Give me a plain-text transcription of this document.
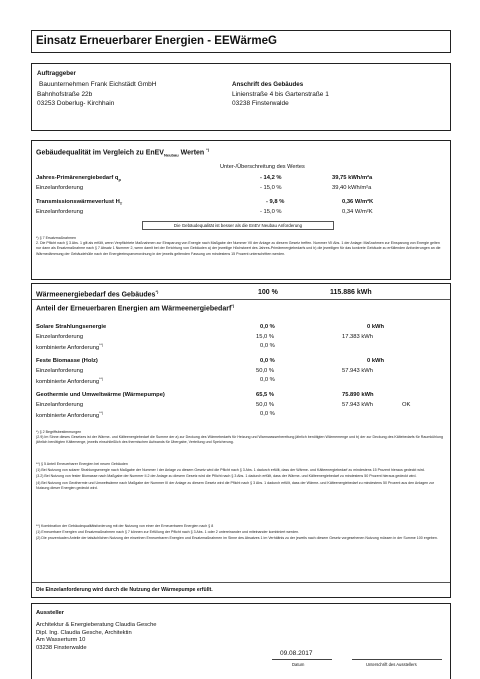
Einsatz Erneuerbarer Energien - EEWärmeG
Auftraggeber
Bauunternehmen Frank Eichstädt GmbH
Bahnhofstraße 22b
03253 Doberlug- Kirchhain
Anschrift des Gebäudes
Linienstraße 4 bis Gartenstraße 1
03238 Finsterwalde
Gebäudequalität im Vergleich zu EnEV$_{Neubau}$ Werten *)
Unter-/Überschreitung des Wertes
Jahres-Primärenergiebedarf $q_p$	- 14,2 %	39,75 kWh/m²a
Einzelanforderung	- 15,0 %	39,40 kWh/m²a
Transmissionswärmeverlust $H_T$	- 9,8 %	0,36 W/m²K
Einzelanforderung	- 15,0 %	0,34 W/m²K
Die Gebäudequalität ist besser als die EnEV Neubau Anforderung
*) § 7 Ersatzmaßnahmen
2. Die Pflicht nach § 3 Abs. 1 gilt als erfüllt, wenn Verpflichtete Maßnahmen zur Einsparung von Energie nach Maßgabe der Nummer VII der Anlage zu diesem Gesetz treffen. Nummer VII Abs. 1 der Anlage: Maßnahmen zur Einsparung von Energie gelten nur dann als Ersatzmaßnahme nach § 7 Absatz 1 Nummer 2, wenn damit bei der Errichtung von Gebäuden a) der jeweilige Höchstwert des Jahres-Primärenergiebedarfs und b) die jeweiligen für das konkrete Gebäude zu erfüllenden Anforderungen an die Wärmedämmung der Gebäudehülle nach der Energieeinsparverordnung in der jeweils geltenden Fassung um mindestens 15 Prozent unterschritten werden.
Wärmeenergiebedarf des Gebäudes*)	100 %	115.886 kWh
Anteil der Erneuerbaren Energien am Wärmeenergiebedarf*)
Solare Strahlungsenergie	0,0 %	0 kWh
Einzelanforderung	15,0 %	17.383 kWh
kombinierte Anforderung**)	0,0 %
Feste Biomasse (Holz)	0,0 %	0 kWh
Einzelanforderung	50,0 %	57.943 kWh
kombinierte Anforderung**)	0,0 %
Geothermie und Umweltwärme (Wärmepumpe)	65,5 %	75.890 kWh
Einzelanforderung	50,0 %	57.943 kWh	OK
kombinierte Anforderung**)	0,0 %
*) § 2 Begriffsbestimmungen
(2.9) Im Sinne dieses Gesetzes ist der Wärme- und Kälteenergiebedarf die Summe der a) zur Deckung des Wärmebedarfs für Heizung und Warmwasserbereitung jährlich benötigten Wärmemenge und b) der zur Deckung des Kältebedarfs für Raumkühlung jährlich benötigten Kältemenge, jeweils einschließlich des thermischen Aufwands für Übergabe, Verteilung und Speicherung.
**) § 5 Anteil Erneuerbarer Energien bei neuen Gebäuden
(1) Bei Nutzung von solarer Strahlungsenergie nach Maßgabe der Nummer I der Anlage zu diesem Gesetz wird die Pflicht nach § 3 Abs. 1 dadurch erfüllt, dass der Wärme- und Kälteenergiebedarf zu mindestens 15 Prozent hieraus gedeckt wird.
(3.2) Bei Nutzung von fester Biomasse nach Maßgabe der Nummer II.2 der Anlage zu diesem Gesetz wird die Pflicht nach § 3 Abs. 1 dadurch erfüllt, dass der Wärme- und Kälteenergiebedarf zu mindestens 50 Prozent hieraus gedeckt wird.
(4) Bei Nutzung von Geothermie und Umweltwärme nach Maßgabe der Nummer III der Anlage zu diesem Gesetz wird die Pflicht nach § 3 Abs. 1 dadurch erfüllt, dass der Wärme- und Kälteenergiebedarf zu mindestens 50 Prozent aus den Anlagen zur Nutzung dieser Energien gedeckt wird.
**) Kombination der Gebäudequalitätsforderung mit der Nutzung von einer der Erneuerbaren Energien nach § 8
(1) Erneuerbare Energien und Ersatzmaßnahmen nach § 7 können zur Erfüllung der Pflicht nach § 3 Abs. 1 oder 2 untereinander und miteinander kombiniert werden.
(2) Die prozentualen Anteile der tatsächlichen Nutzung der einzelnen Erneuerbaren Energien und Ersatzmaßnahmen im Sinne des Absatzes 1 im Verhältnis zu der jeweils nach diesem Gesetz vorgesehenen Nutzung müssen in der Summe 100 ergeben.
Die Einzelanforderung wird durch die Nutzung der Wärmepumpe erfüllt.
Aussteller
Architektur & Energieberatung Claudia Gesche
Dipl. Ing. Claudia Gesche, Architektin
Am Wasserturm 10
03238 Finsterwalde
09.08.2017
Datum	Unterschrift des Ausstellers
